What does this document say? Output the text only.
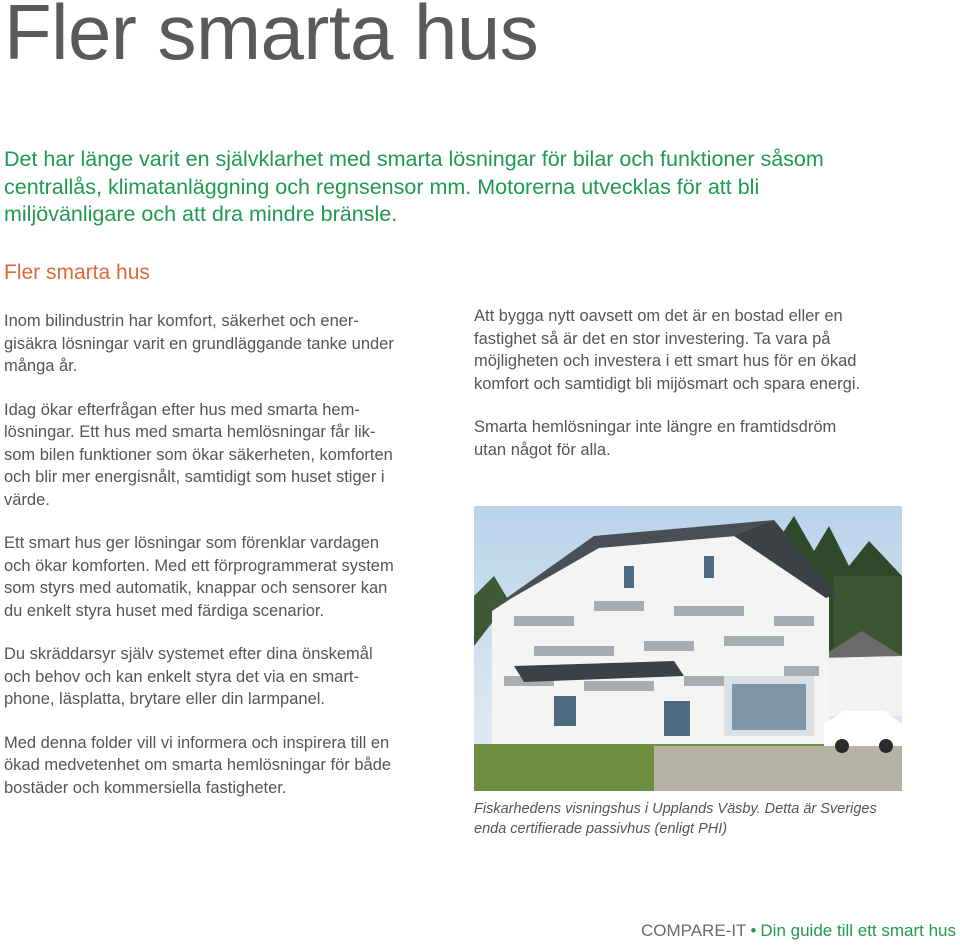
Fler smarta hus

Det har länge varit en självklarhet med smarta lösningar för bilar och funktioner såsom centrallås, klimatanläggning och regnsensor mm. Motorerna utvecklas för att bli miljövänligare och att dra mindre bränsle.

Fler smarta hus

Inom bilindustrin har komfort, säkerhet och ener-
gisäkra lösningar varit en grundläggande tanke under
många år.

Idag ökar efterfrågan efter hus med smarta hem-
lösningar. Ett hus med smarta hemlösningar får lik-
som bilen funktioner som ökar säkerheten, komforten
och blir mer energisnålt, samtidigt som huset stiger i
värde.

Ett smart hus ger lösningar som förenklar vardagen
och ökar komforten. Med ett förprogrammerat system
som styrs med automatik, knappar och sensorer kan
du enkelt styra huset med färdiga scenarior.

Du skräddarsyr själv systemet efter dina önskemål
och behov och kan enkelt styra det via en smart-
phone, läsplatta, brytare eller din larmpanel.

Med denna folder vill vi informera och inspirera till en
ökad medvetenhet om smarta hemlösningar för både
bostäder och kommersiella fastigheter.

Att bygga nytt oavsett om det är en bostad eller en
fastighet så är det en stor investering. Ta vara på
möjligheten och investera i ett smart hus för en ökad
komfort och samtidigt bli mijösmart och spara energi.

Smarta hemlösningar inte längre en framtidsdröm
utan något för alla.

Fiskarhedens visningshus i Upplands Väsby. Detta är Sveriges
enda certifierade passivhus (enligt PHI)

COMPARE-IT • Din guide till ett smart hus
